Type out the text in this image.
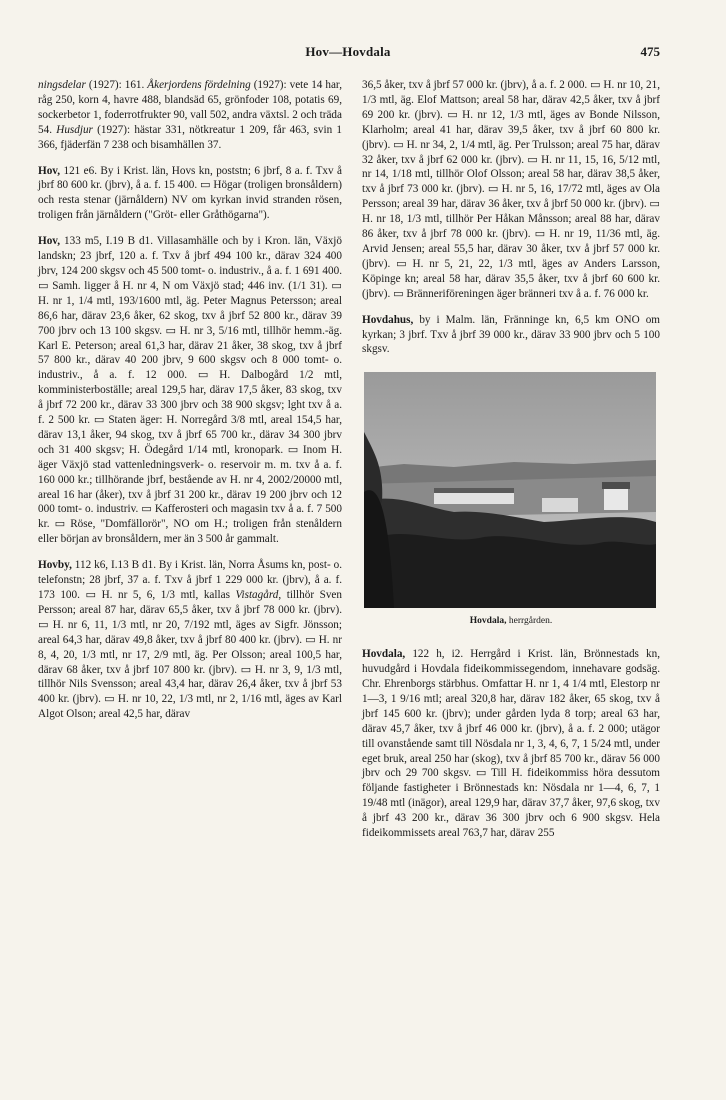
Hov—Hovdala	475

ningsdelar (1927): 161. Åkerjordens fördelning (1927): vete 14 har, råg 250, korn 4, havre 488, blandsäd 65, grönfoder 108, potatis 69, sockerbetor 1, foderrotfrukter 90, vall 502, andra växtsl. 2 och träda 54. Husdjur (1927): hästar 331, nötkreatur 1 209, får 463, svin 1 366, fjäderfän 7 238 och bisamhällen 37.

Hov, 121 e6. By i Krist. län, Hovs kn, poststn; 6 jbrf, 8 a. f. Txv å jbrf 80 600 kr. (jbrv), å a. f. 15 400. ▭ Högar (troligen bronsåldern) och resta stenar (järnåldern) NV om kyrkan invid stranden rösen, troligen från järnåldern ("Gröt- eller Gråthögarna").

Hov, 133 m5, I.19 B d1. Villasamhälle och by i Kron. län, Växjö landskn; 23 jbrf, 120 a. f. Txv å jbrf 494 100 kr., därav 324 400 jbrv, 124 200 skgsv och 45 500 tomt- o. industriv., å a. f. 1 691 400. ▭ Samh. ligger å H. nr 4, N om Växjö stad; 446 inv. (1/1 31). ▭ H. nr 1, 1/4 mtl, 193/1600 mtl, äg. Peter Magnus Petersson; areal 86,6 har, därav 23,6 åker, 62 skog, txv å jbrf 52 800 kr., därav 39 700 jbrv och 13 100 skgsv. ▭ H. nr 3, 5/16 mtl, tillhör hemm.-äg. Karl E. Peterson; areal 61,3 har, därav 21 åker, 38 skog, txv å jbrf 57 800 kr., därav 40 200 jbrv, 9 600 skgsv och 8 000 tomt- o. industriv., å a. f. 12 000. ▭ H. Dalbogård 1/2 mtl, komministerboställe; areal 129,5 har, därav 17,5 åker, 83 skog, txv å jbrf 72 200 kr., därav 33 300 jbrv och 38 900 skgsv; lght txv å a. f. 2 500 kr. ▭ Staten äger: H. Norregård 3/8 mtl, areal 154,5 har, därav 13,1 åker, 94 skog, txv å jbrf 65 700 kr., därav 34 300 jbrv och 31 400 skgsv; H. Ödegård 1/14 mtl, kronopark. ▭ Inom H. äger Växjö stad vattenledningsverk- o. reservoir m. m. txv å a. f. 160 000 kr.; tillhörande jbrf, bestående av H. nr 4, 2002/20000 mtl, areal 16 har (åker), txv å jbrf 31 200 kr., därav 19 200 jbrv och 12 000 tomt- o. industriv. ▭ Kafferosteri och magasin txv å a. f. 7 500 kr. ▭ Röse, "Domfällorör", NO om H.; troligen från stenåldern eller början av bronsåldern, mer än 3 500 år gammalt.

Hovby, 112 k6, I.13 B d1. By i Krist. län, Norra Åsums kn, post- o. telefonstn; 28 jbrf, 37 a. f. Txv å jbrf 1 229 000 kr. (jbrv), å a. f. 173 100. ▭ H. nr 5, 6, 1/3 mtl, kallas Vistagård, tillhör Sven Persson; areal 87 har, därav 65,5 åker, txv å jbrf 78 000 kr. (jbrv). ▭ H. nr 6, 11, 1/3 mtl, nr 20, 7/192 mtl, äges av Sigfr. Jönsson; areal 64,3 har, därav 49,8 åker, txv å jbrf 80 400 kr. (jbrv). ▭ H. nr 8, 4, 20, 1/3 mtl, nr 17, 2/9 mtl, äg. Per Olsson; areal 100,5 har, därav 68 åker, txv å jbrf 107 800 kr. (jbrv). ▭ H. nr 3, 9, 1/3 mtl, tillhör Nils Svensson; areal 43,4 har, därav 26,4 åker, txv å jbrf 53 400 kr. (jbrv). ▭ H. nr 10, 22, 1/3 mtl, nr 2, 1/16 mtl, äges av Karl Algot Olson; areal 42,5 har, därav

36,5 åker, txv å jbrf 57 000 kr. (jbrv), å a. f. 2 000. ▭ H. nr 10, 21, 1/3 mtl, äg. Elof Mattson; areal 58 har, därav 42,5 åker, txv å jbrf 69 200 kr. (jbrv). ▭ H. nr 12, 1/3 mtl, äges av Bonde Nilsson, Klarholm; areal 41 har, därav 39,5 åker, txv å jbrf 60 800 kr. (jbrv). ▭ H. nr 34, 2, 1/4 mtl, äg. Per Trulsson; areal 75 har, därav 32 åker, txv å jbrf 62 000 kr. (jbrv). ▭ H. nr 11, 15, 16, 5/12 mtl, nr 14, 1/18 mtl, tillhör Olof Olsson; areal 58 har, därav 38,5 åker, txv å jbrf 73 000 kr. (jbrv). ▭ H. nr 5, 16, 17/72 mtl, äges av Ola Persson; areal 39 har, därav 36 åker, txv å jbrf 50 000 kr. (jbrv). ▭ H. nr 18, 1/3 mtl, tillhör Per Håkan Månsson; areal 88 har, därav 86 åker, txv å jbrf 78 000 kr. (jbrv). ▭ H. nr 19, 11/36 mtl, äg. Arvid Jensen; areal 55,5 har, därav 30 åker, txv å jbrf 57 000 kr. (jbrv). ▭ H. nr 5, 21, 22, 1/3 mtl, äges av Anders Larsson, Köpinge kn; areal 58 har, därav 35,5 åker, txv å jbrf 60 600 kr. (jbrv). ▭ Bränneriföreningen äger bränneri txv å a. f. 76 000 kr.

Hovdahus, by i Malm. län, Fränninge kn, 6,5 km ONO om kyrkan; 3 jbrf. Txv å jbrf 39 000 kr., därav 33 900 jbrv och 5 100 skgsv.

Hovdala, herrgården.

Hovdala, 122 h, i2. Herrgård i Krist. län, Brönnestads kn, huvudgård i Hovdala fideikommissegendom, innehavare godsäg. Chr. Ehrenborgs stärbhus. Omfattar H. nr 1, 4 1/4 mtl, Elestorp nr 1—3, 1 9/16 mtl; areal 320,8 har, därav 182 åker, 65 skog, txv å jbrf 145 600 kr. (jbrv); under gården lyda 8 torp; areal 63 har, därav 45,7 åker, txv å jbrf 46 000 kr. (jbrv), å a. f. 2 000; utägor till ovanstående samt till Nösdala nr 1, 3, 4, 6, 7, 1 5/24 mtl, under eget bruk, areal 250 har (skog), txv å jbrf 85 700 kr., därav 56 000 jbrv och 29 700 skgsv. ▭ Till H. fideikommiss höra dessutom följande fastigheter i Brönnestads kn: Nösdala nr 1—4, 6, 7, 1 19/48 mtl (inägor), areal 129,9 har, därav 37,7 åker, 97,6 skog, txv å jbrf 43 200 kr., därav 36 300 jbrv och 6 900 skgsv. Hela fideikommissets areal 763,7 har, därav 255
